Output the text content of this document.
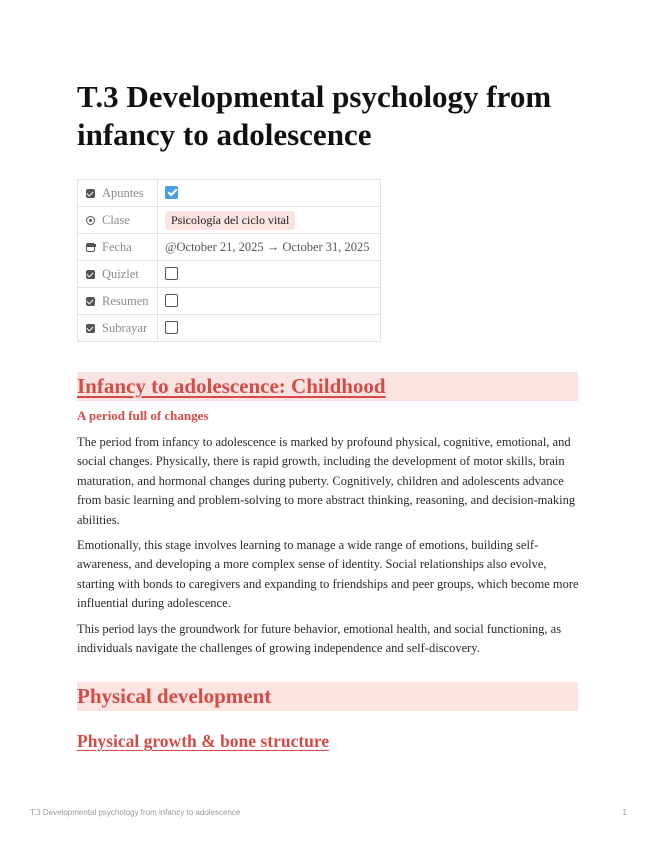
T.3 Developmental psychology from infancy to adolescence
Apuntes	
Clase	Psicología del ciclo vital
Fecha	@October 21, 2025 → October 31, 2025
Quizlet	
Resumen	
Subrayar	
Infancy to adolescence: Childhood
A period full of changes

The period from infancy to adolescence is marked by profound physical, cognitive, emotional, and social changes. Physically, there is rapid growth, including the development of motor skills, brain maturation, and hormonal changes during puberty. Cognitively, children and adolescents advance from basic learning and problem-solving to more abstract thinking, reasoning, and decision-making abilities.

Emotionally, this stage involves learning to manage a wide range of emotions, building self-awareness, and developing a more complex sense of identity. Social relationships also evolve, starting with bonds to caregivers and expanding to friendships and peer groups, which become more influential during adolescence.

This period lays the groundwork for future behavior, emotional health, and social functioning, as individuals navigate the challenges of growing independence and self-discovery.

Physical development
Physical growth & bone structure
T.3 Developmental psychology from infancy to adolescence	1
